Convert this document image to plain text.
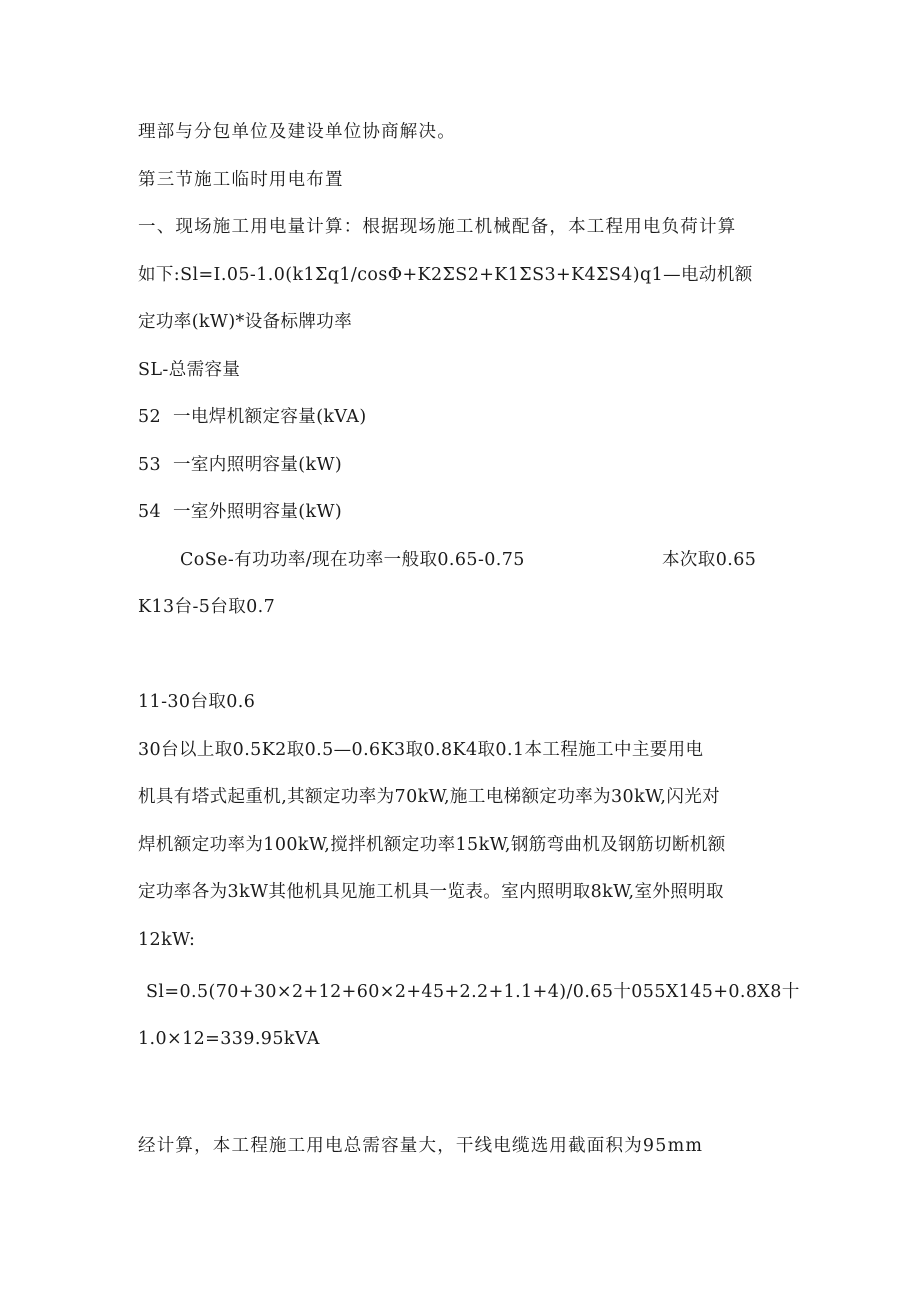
理部与分包单位及建设单位协商解决。
第三节施工临时用电布置
一、现场施工用电量计算：根据现场施工机械配备，本工程用电负荷计算
如下:Sl=I.05-1.0(k1Σq1/cosΦ+K2ΣS2+K1ΣS3+K4ΣS4)q1—电动机额
定功率(kW)*设备标牌功率
SL-总需容量
52  一电焊机额定容量(kVA)
53  一室内照明容量(kW)
54  一室外照明容量(kW)
CoSe-有功功率/现在功率一般取0.65-0.75	本次取0.65
K13台-5台取0.7
11-30台取0.6
30台以上取0.5K2取0.5—0.6K3取0.8K4取0.1本工程施工中主要用电
机具有塔式起重机,其额定功率为70kW,施工电梯额定功率为30kW,闪光对
焊机额定功率为100kW,搅拌机额定功率15kW,钢筋弯曲机及钢筋切断机额
定功率各为3kW其他机具见施工机具一览表。室内照明取8kW,室外照明取
12kW:
Sl=0.5(70+30×2+12+60×2+45+2.2+1.1+4)/0.65十055X145+0.8X8十
1.0×12=339.95kVA
经计算，本工程施工用电总需容量大，干线电缆选用截面积为95mm
